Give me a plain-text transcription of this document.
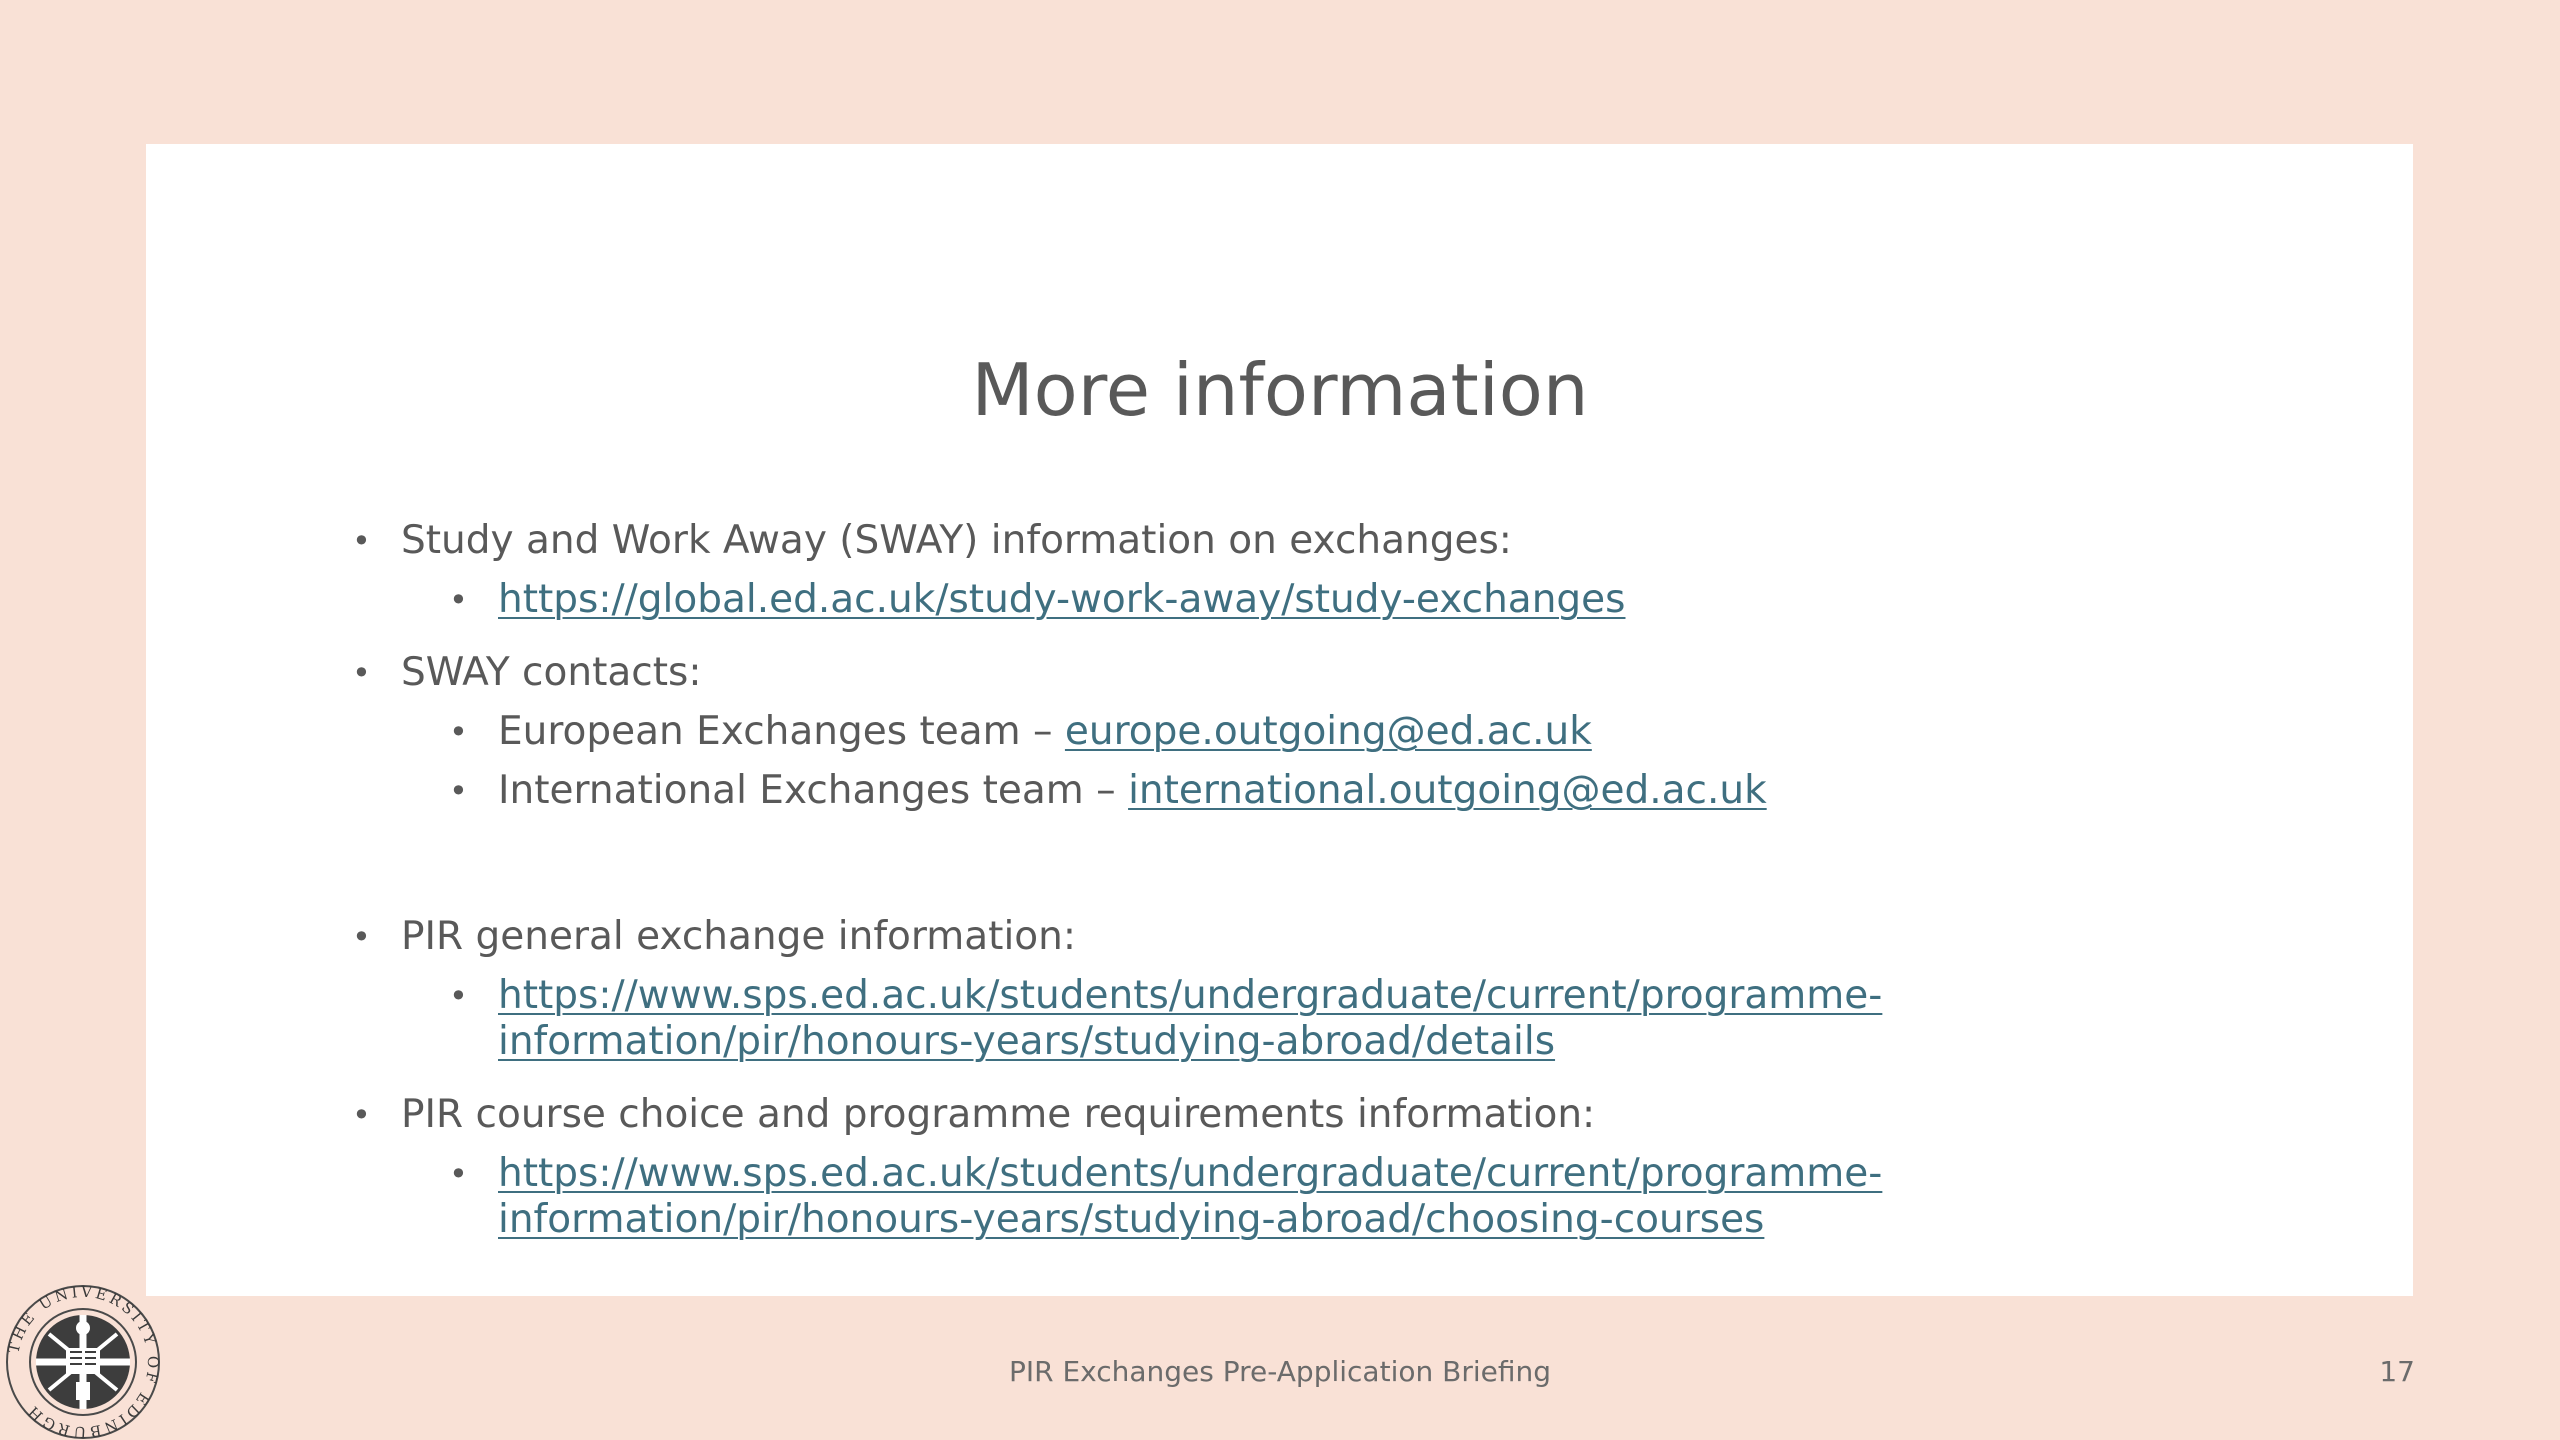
More information
• Study and Work Away (SWAY) information on exchanges:
• https://global.ed.ac.uk/study-work-away/study-exchanges
• SWAY contacts:
• European Exchanges team – europe.outgoing@ed.ac.uk
• International Exchanges team – international.outgoing@ed.ac.uk
• PIR general exchange information:
• https://www.sps.ed.ac.uk/students/undergraduate/current/programme-
information/pir/honours-years/studying-abroad/details
• PIR course choice and programme requirements information:
• https://www.sps.ed.ac.uk/students/undergraduate/current/programme-
information/pir/honours-years/studying-abroad/choosing-courses
PIR Exchanges Pre-Application Briefing	17
THE UNIVERSITY OF EDINBURGH
